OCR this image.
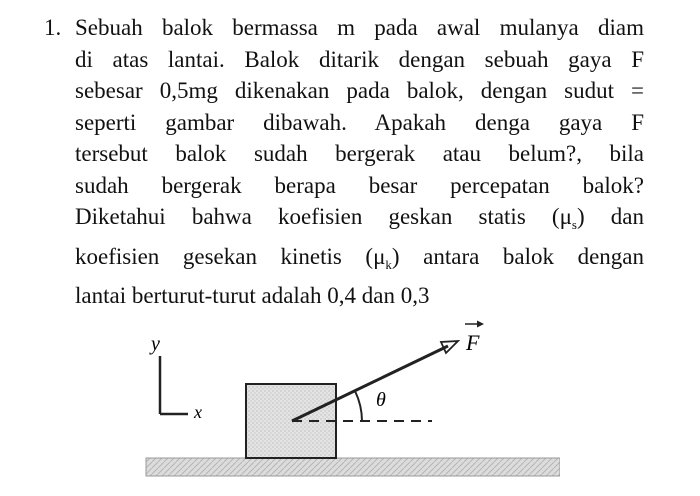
1. Sebuah balok bermassa m pada awal mulanya diam
di atas lantai. Balok ditarik dengan sebuah gaya F
sebesar 0,5mg dikenakan pada balok, dengan sudut =
seperti gambar dibawah. Apakah denga gaya F
tersebut balok sudah bergerak atau belum?, bila
sudah bergerak berapa besar percepatan balok?
Diketahui bahwa koefisien geskan statis $(\mu_s)$ dan
koefisien gesekan kinetis $(\mu_k)$ antara balok dengan
lantai berturut-turut adalah 0,4 dan 0,3
y
x
F
θ
